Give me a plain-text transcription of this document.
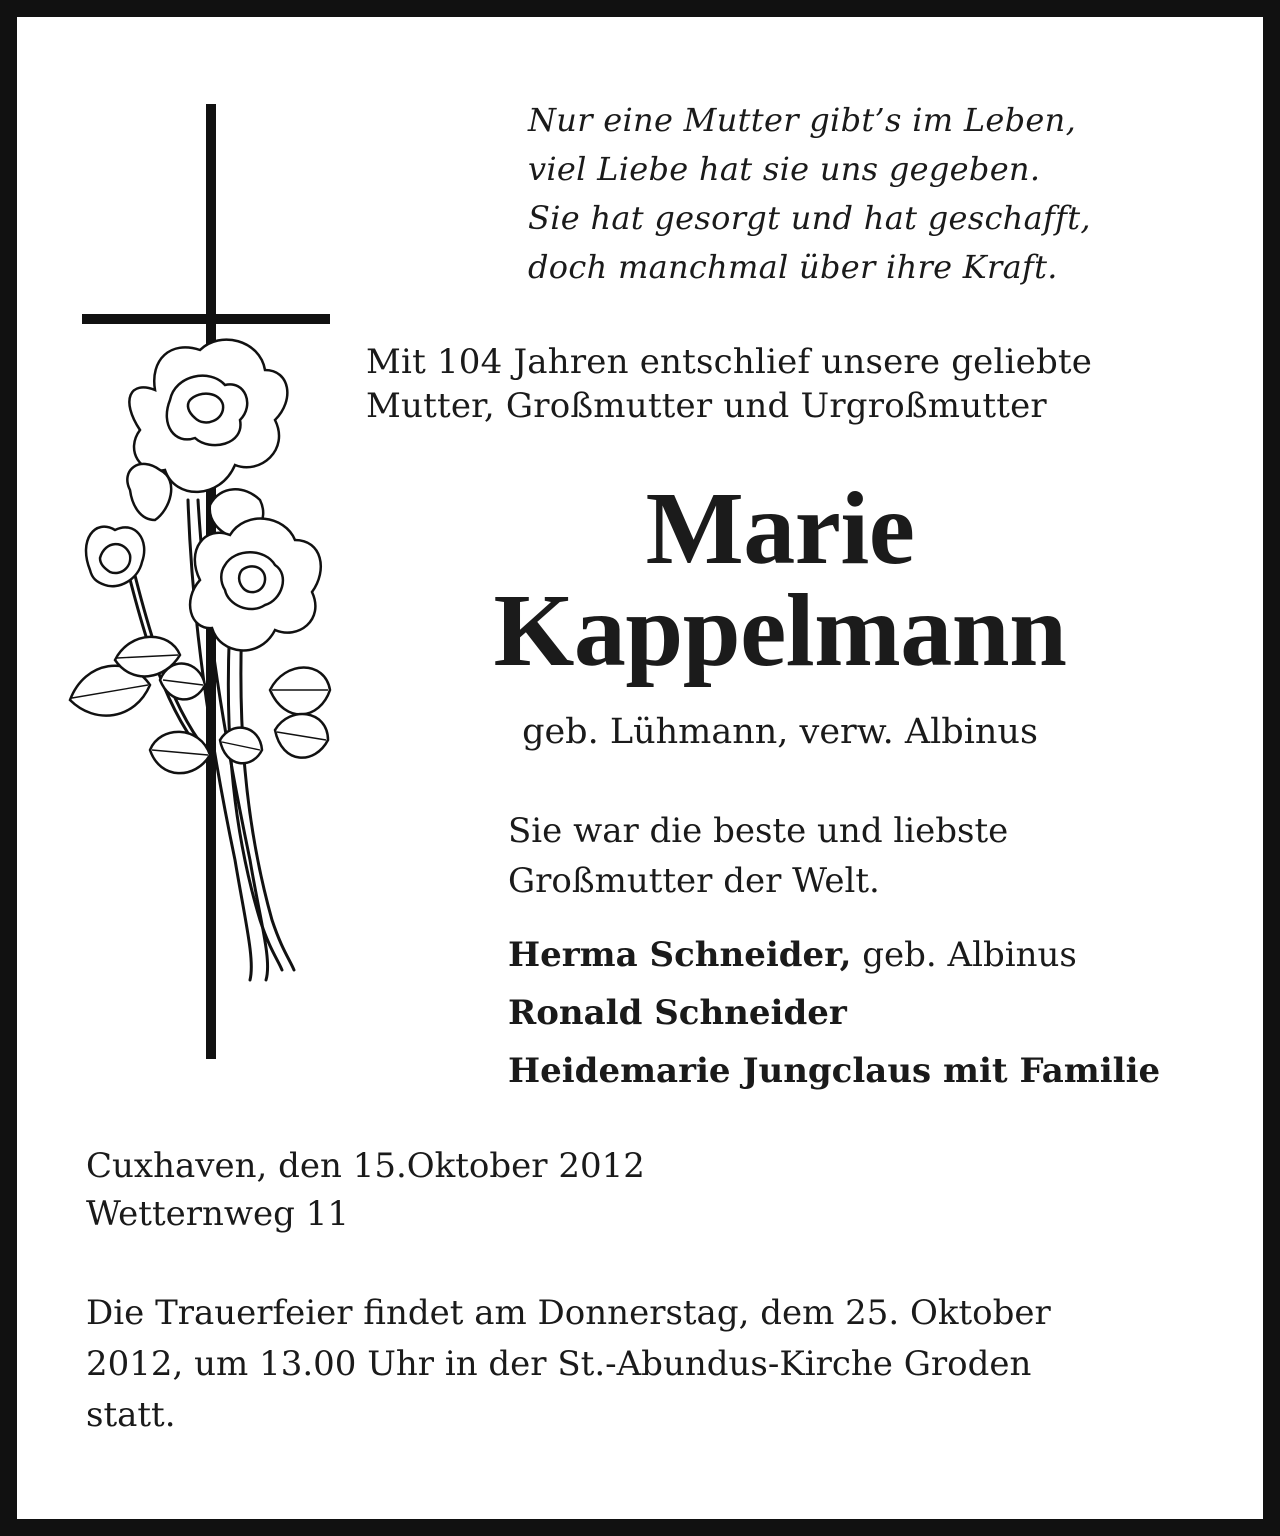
Nur eine Mutter gibt’s im Leben,
viel Liebe hat sie uns gegeben.
Sie hat gesorgt und hat geschafft,
doch manchmal über ihre Kraft.
Mit 104 Jahren entschlief unsere geliebte
Mutter, Großmutter und Urgroßmutter
Marie
Kappelmann
geb. Lühmann, verw. Albinus
Sie war die beste und liebste
Großmutter der Welt.
Herma Schneider, geb. Albinus
Ronald Schneider
Heidemarie Jungclaus mit Familie
Cuxhaven, den 15.Oktober 2012
Wetternweg 11
Die Trauerfeier findet am Donnerstag, dem 25. Oktober
2012, um 13.00 Uhr in der St.-Abundus-Kirche Groden
statt.
